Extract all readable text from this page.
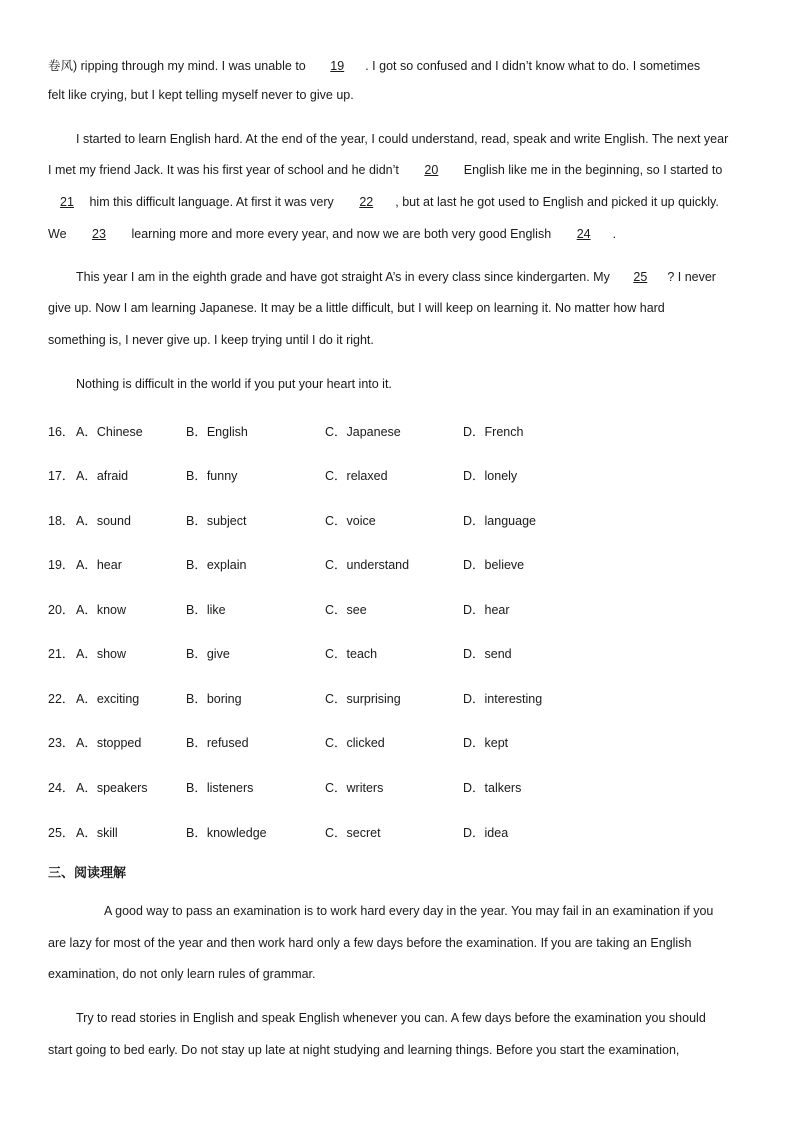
卷风) ripping through my mind. I was unable to 19 . I got so confused and I didn’t know what to do. I sometimes
felt like crying, but I kept telling myself never to give up.
I started to learn English hard. At the end of the year, I could understand, read, speak and write English. The next year
I met my friend Jack. It was his first year of school and he didn’t 20 English like me in the beginning, so I started to
21 him this difficult language. At first it was very 22 , but at last he got used to English and picked it up quickly.
We 23 learning more and more every year, and now we are both very good English 24 .
This year I am in the eighth grade and have got straight A’s in every class since kindergarten. My 25 ? I never
give up. Now I am learning Japanese. It may be a little difficult, but I will keep on learning it. No matter how hard
something is, I never give up. I keep trying until I do it right.
Nothing is difficult in the world if you put your heart into it.
16． A．Chinese	B．English	C．Japanese	D．French
17． A．afraid	B．funny	C．relaxed	D．lonely
18． A．sound	B．subject	C．voice	D．language
19． A．hear	B．explain	C．understand	D．believe
20． A．know	B．like	C．see	D．hear
21． A．show	B．give	C．teach	D．send
22． A．exciting	B．boring	C．surprising	D．interesting
23． A．stopped	B．refused	C．clicked	D．kept
24． A．speakers	B．listeners	C．writers	D．talkers
25． A．skill	B．knowledge	C．secret	D．idea
三、阅读理解
A good way to pass an examination is to work hard every day in the year. You may fail in an examination if you
are lazy for most of the year and then work hard only a few days before the examination. If you are taking an English
examination, do not only learn rules of grammar.
Try to read stories in English and speak English whenever you can. A few days before the examination you should
start going to bed early. Do not stay up late at night studying and learning things. Before you start the examination,
